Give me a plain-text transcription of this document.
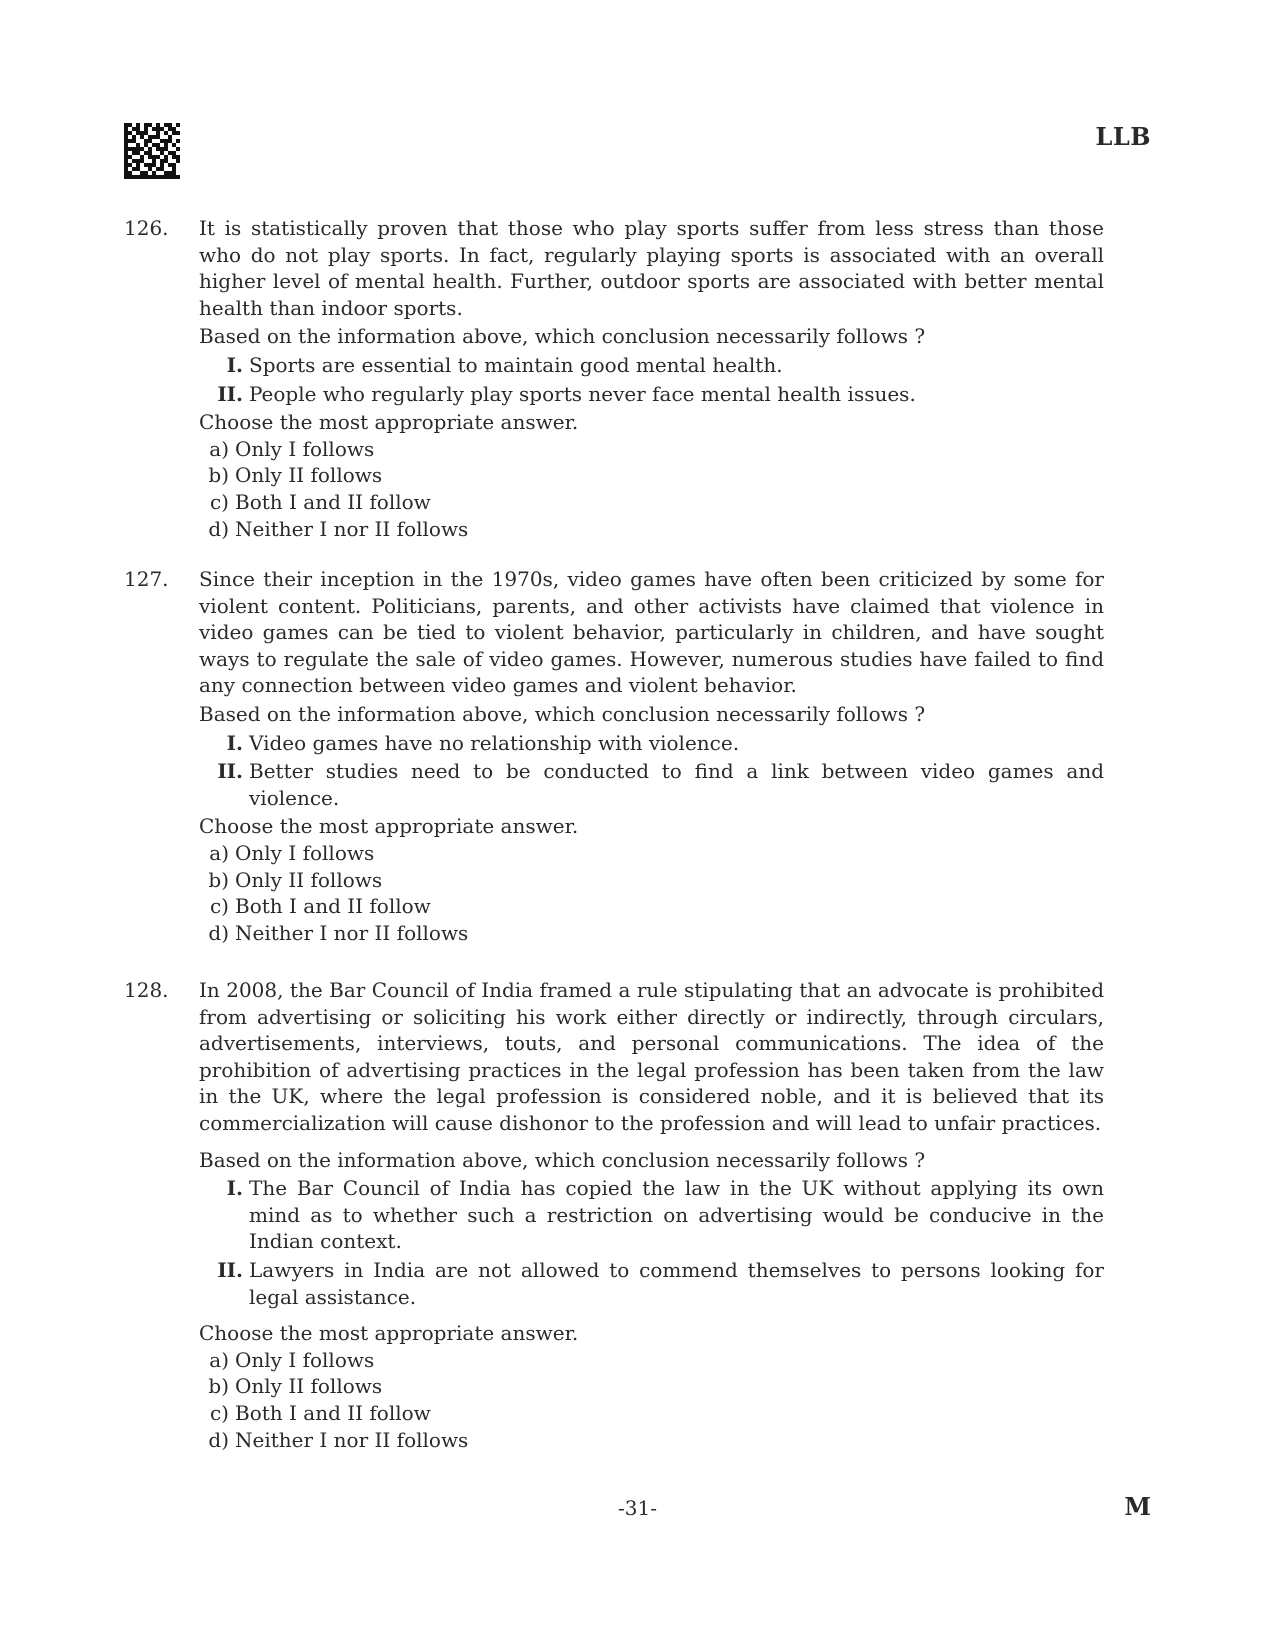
LLB
126.	It is statistically proven that those who play sports suffer from less stress than those who do not play sports. In fact, regularly playing sports is associated with an overall higher level of mental health. Further, outdoor sports are associated with better mental health than indoor sports.
Based on the information above, which conclusion necessarily follows ?
I. Sports are essential to maintain good mental health.
II. People who regularly play sports never face mental health issues.
Choose the most appropriate answer.
a) Only I follows
b) Only II follows
c) Both I and II follow
d) Neither I nor II follows
127.	Since their inception in the 1970s, video games have often been criticized by some for violent content. Politicians, parents, and other activists have claimed that violence in video games can be tied to violent behavior, particularly in children, and have sought ways to regulate the sale of video games. However, numerous studies have failed to find any connection between video games and violent behavior.
Based on the information above, which conclusion necessarily follows ?
I. Video games have no relationship with violence.
II. Better studies need to be conducted to find a link between video games and violence.
Choose the most appropriate answer.
a) Only I follows
b) Only II follows
c) Both I and II follow
d) Neither I nor II follows
128.	In 2008, the Bar Council of India framed a rule stipulating that an advocate is prohibited from advertising or soliciting his work either directly or indirectly, through circulars, advertisements, interviews, touts, and personal communications. The idea of the prohibition of advertising practices in the legal profession has been taken from the law in the UK, where the legal profession is considered noble, and it is believed that its commercialization will cause dishonor to the profession and will lead to unfair practices.
Based on the information above, which conclusion necessarily follows ?
I. The Bar Council of India has copied the law in the UK without applying its own mind as to whether such a restriction on advertising would be conducive in the Indian context.
II. Lawyers in India are not allowed to commend themselves to persons looking for legal assistance.
Choose the most appropriate answer.
a) Only I follows
b) Only II follows
c) Both I and II follow
d) Neither I nor II follows
-31-	M
